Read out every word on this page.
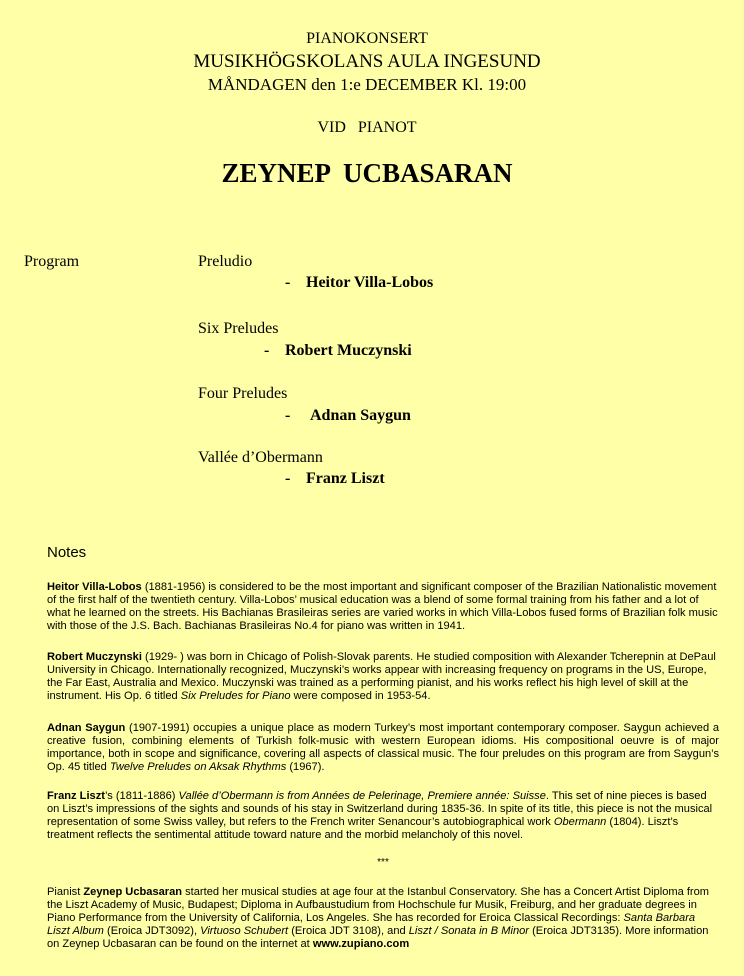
PIANOKONSERT
MUSIKHÖGSKOLANS AULA INGESUND
MÅNDAGEN den 1:e DECEMBER Kl. 19:00
VID   PIANOT
ZEYNEP  UCBASARAN
Program	Preludio
- Heitor Villa-Lobos
Six Preludes
- Robert Muczynski
Four Preludes
- Adnan Saygun
Vallée d’Obermann
- Franz Liszt
Notes

Heitor Villa-Lobos (1881-1956) is considered to be the most important and significant composer of the Brazilian Nationalistic movement of the first half of the twentieth century. Villa-Lobos’ musical education was a blend of some formal training from his father and a lot of what he learned on the streets. His Bachianas Brasileiras series are varied works in which Villa-Lobos fused forms of Brazilian folk music with those of the J.S. Bach. Bachianas Brasileiras No.4 for piano was written in 1941.

Robert Muczynski (1929- ) was born in Chicago of Polish-Slovak parents. He studied composition with Alexander Tcherepnin at DePaul University in Chicago. Internationally recognized, Muczynski’s works appear with increasing frequency on programs in the US, Europe, the Far East, Australia and Mexico. Muczynski was trained as a performing pianist, and his works reflect his high level of skill at the instrument. His Op. 6 titled Six Preludes for Piano were composed in 1953-54.

Adnan Saygun (1907-1991) occupies a unique place as modern Turkey’s most important contemporary composer. Saygun achieved a creative fusion, combining elements of Turkish folk-music with western European idioms. His compositional oeuvre is of major importance, both in scope and significance, covering all aspects of classical music. The four preludes on this program are from Saygun’s Op. 45 titled Twelve Preludes on Aksak Rhythms (1967).

Franz Liszt’s (1811-1886) Vallée d’Obermann is from Années de Pelerinage, Premiere année: Suisse. This set of nine pieces is based on Liszt’s impressions of the sights and sounds of his stay in Switzerland during 1835-36. In spite of its title, this piece is not the musical representation of some Swiss valley, but refers to the French writer Senancour’s autobiographical work Obermann (1804). Liszt’s treatment reflects the sentimental attitude toward nature and the morbid melancholy of this novel.

***

Pianist Zeynep Ucbasaran started her musical studies at age four at the Istanbul Conservatory. She has a Concert Artist Diploma from the Liszt Academy of Music, Budapest; Diploma in Aufbaustudium from Hochschule fur Musik, Freiburg, and her graduate degrees in Piano Performance from the University of California, Los Angeles. She has recorded for Eroica Classical Recordings: Santa Barbara Liszt Album (Eroica JDT3092), Virtuoso Schubert (Eroica JDT 3108), and Liszt / Sonata in B Minor (Eroica JDT3135). More information on Zeynep Ucbasaran can be found on the internet at www.zupiano.com
